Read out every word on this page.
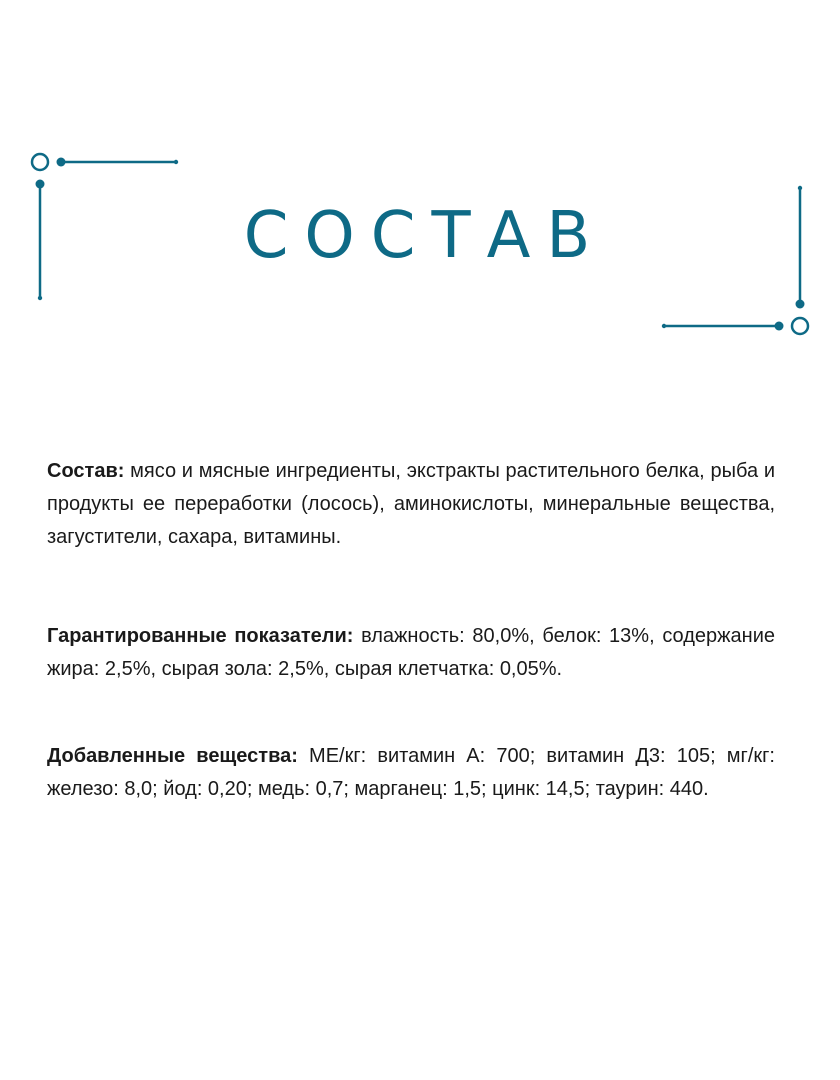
СОСТАВ

Состав: мясо и мясные ингредиенты, экстракты растительного белка, рыба и продукты ее переработки (лосось), аминокислоты, минеральные вещества, загустители, сахара, витамины.

Гарантированные показатели: влажность: 80,0%, белок: 13%, содержание жира: 2,5%, сырая зола: 2,5%, сырая клетчатка: 0,05%.

Добавленные вещества: МЕ/кг: витамин А: 700; витамин Д3: 105; мг/кг: железо: 8,0; йод: 0,20; медь: 0,7; марганец: 1,5; цинк: 14,5; таурин: 440.
